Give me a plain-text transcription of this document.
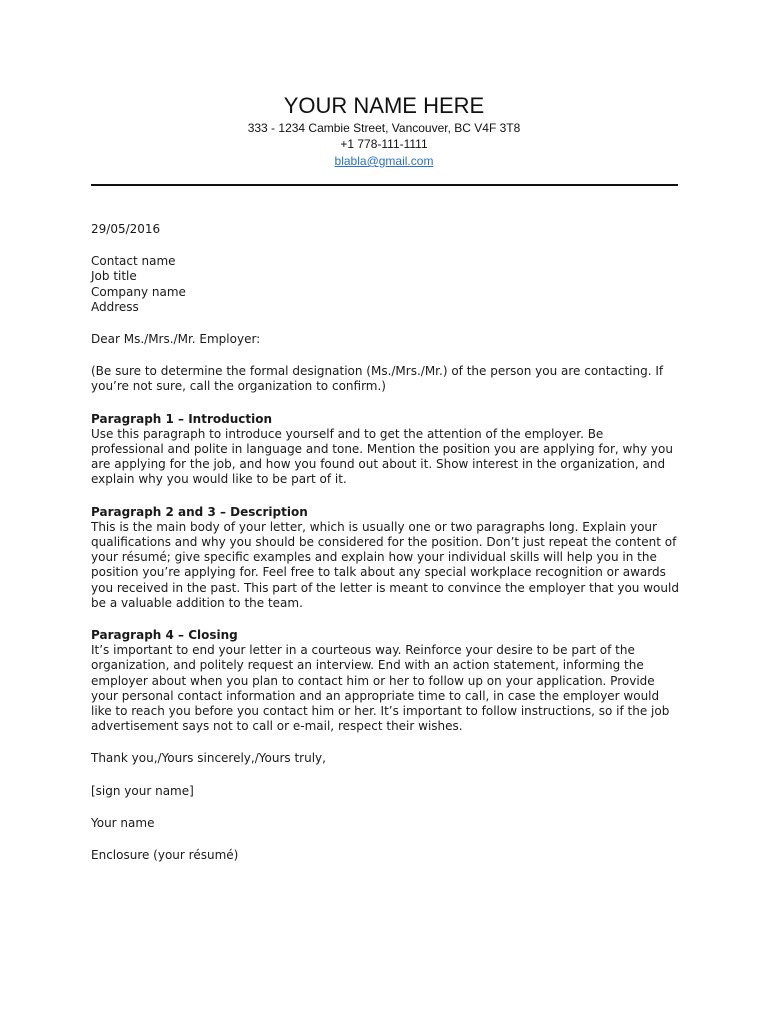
YOUR NAME HERE
333 - 1234 Cambie Street, Vancouver, BC V4F 3T8
+1 778-111-1111
blabla@gmail.com
29/05/2016
Contact name
Job title
Company name
Address
Dear Ms./Mrs./Mr. Employer:
(Be sure to determine the formal designation (Ms./Mrs./Mr.) of the person you are contacting. If
you’re not sure, call the organization to confirm.)
Paragraph 1 – Introduction
Use this paragraph to introduce yourself and to get the attention of the employer. Be
professional and polite in language and tone. Mention the position you are applying for, why you
are applying for the job, and how you found out about it. Show interest in the organization, and
explain why you would like to be part of it.
Paragraph 2 and 3 – Description
This is the main body of your letter, which is usually one or two paragraphs long. Explain your
qualifications and why you should be considered for the position. Don’t just repeat the content of
your résumé; give specific examples and explain how your individual skills will help you in the
position you’re applying for. Feel free to talk about any special workplace recognition or awards
you received in the past. This part of the letter is meant to convince the employer that you would
be a valuable addition to the team.
Paragraph 4 – Closing
It’s important to end your letter in a courteous way. Reinforce your desire to be part of the
organization, and politely request an interview. End with an action statement, informing the
employer about when you plan to contact him or her to follow up on your application. Provide
your personal contact information and an appropriate time to call, in case the employer would
like to reach you before you contact him or her. It’s important to follow instructions, so if the job
advertisement says not to call or e-mail, respect their wishes.
Thank you,/Yours sincerely,/Yours truly,
[sign your name]
Your name
Enclosure (your résumé)
